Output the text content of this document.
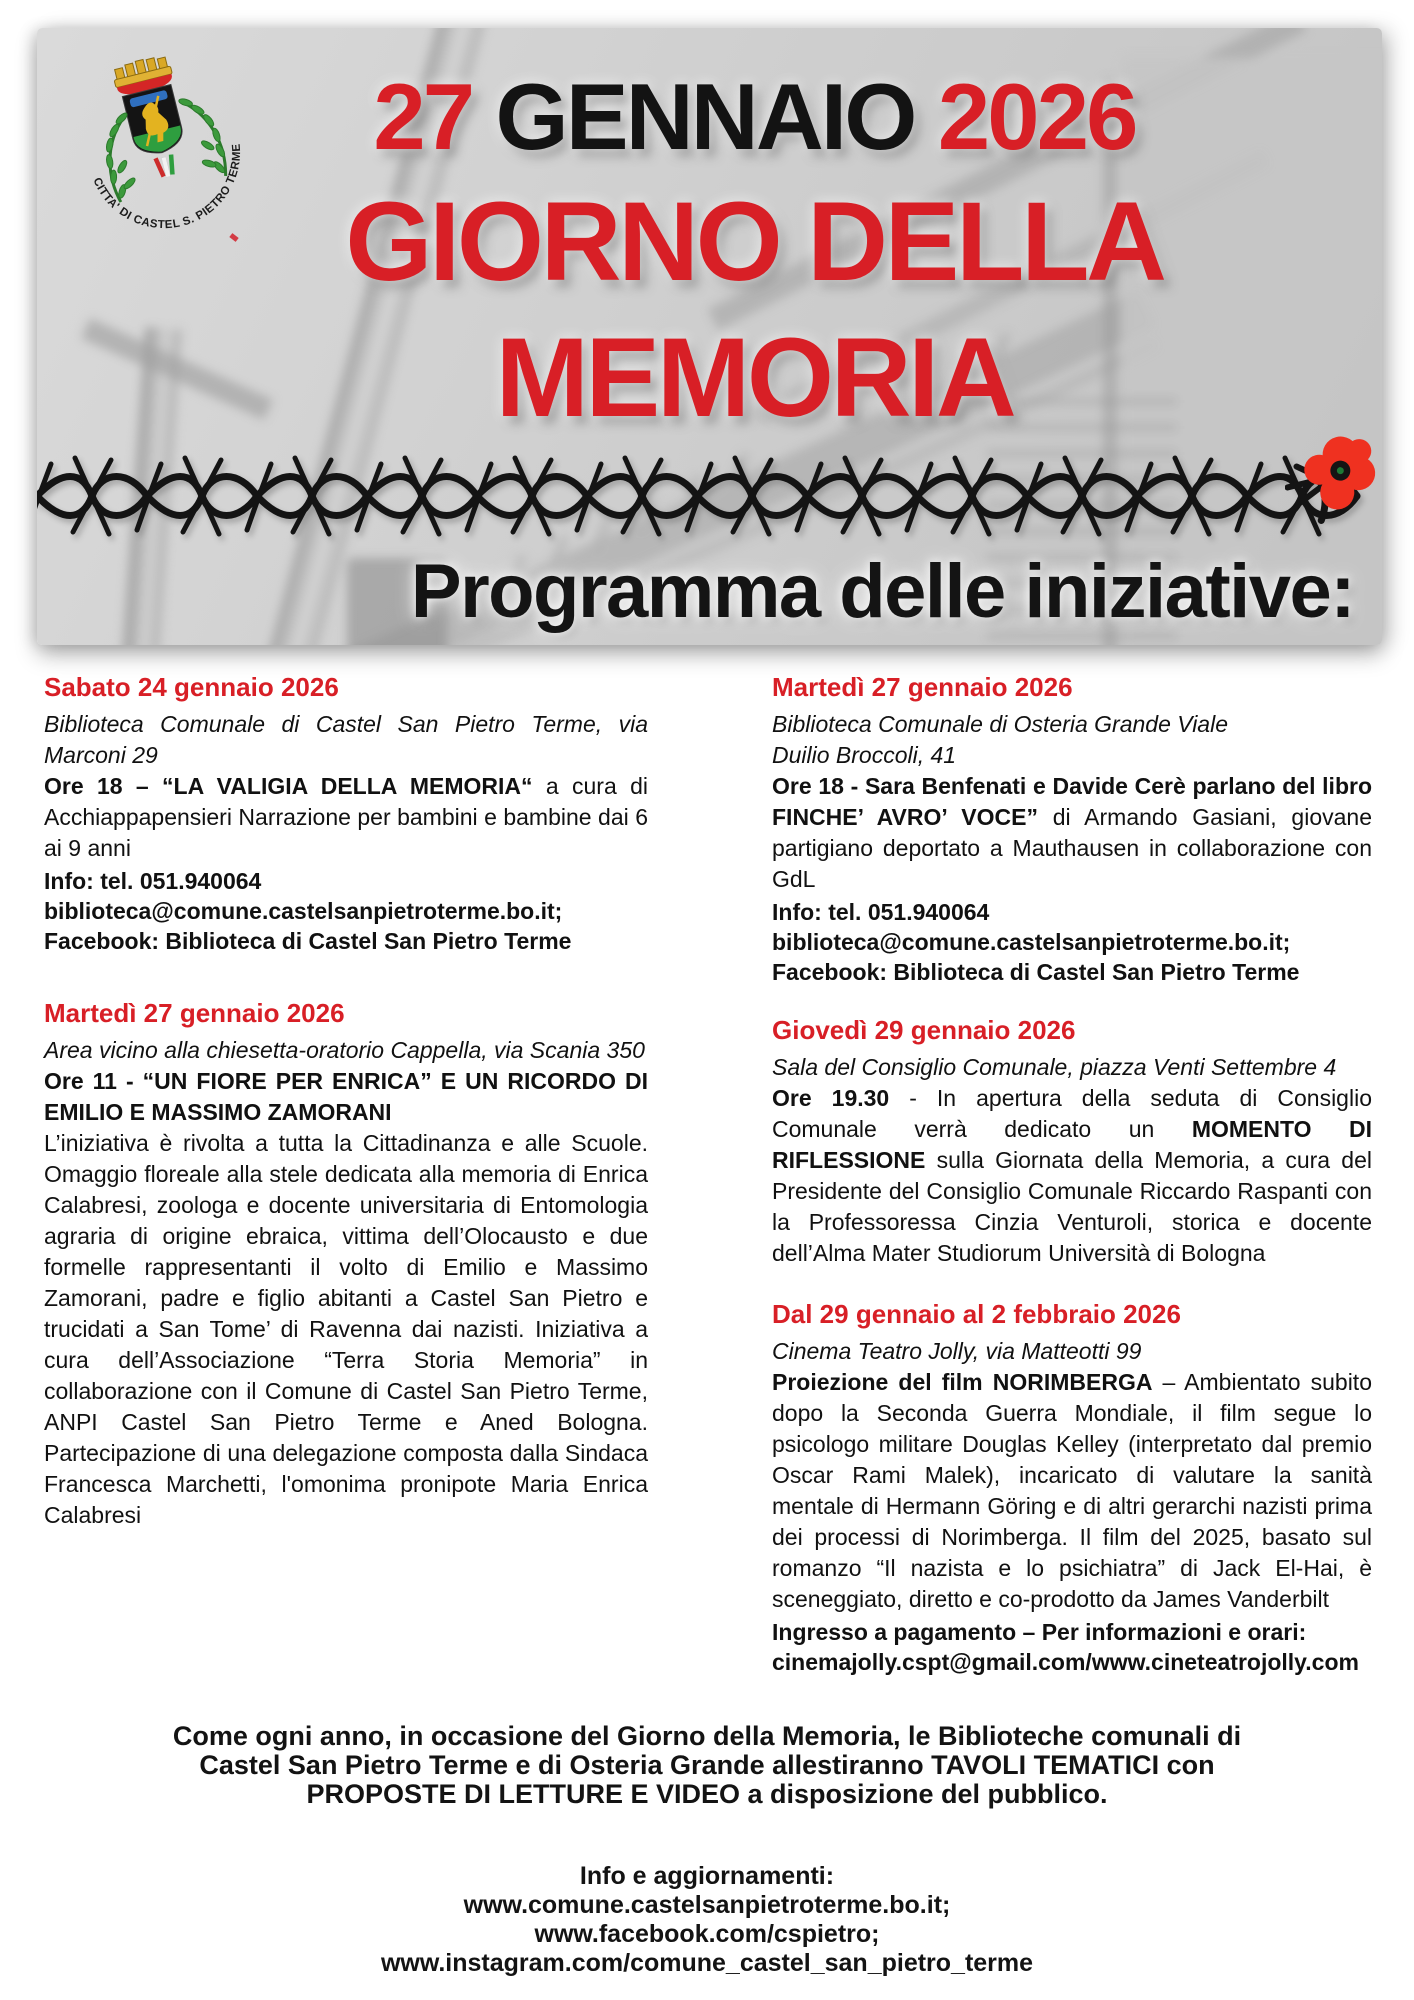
CITTA' DI CASTEL S. PIETRO TERME	27 GENNAIO 2026
GIORNO DELLA
MEMORIA
Programma delle iniziative:
Sabato 24 gennaio 2026

Biblioteca Comunale di Castel San Pietro Terme, via Marconi 29

Ore 18 – “LA VALIGIA DELLA MEMORIA“ a cura di Acchiappapensieri Narrazione per bambini e bambine dai 6 ai 9 anni

Info: tel. 051.940064
biblioteca@comune.castelsanpietroterme.bo.it;
Facebook: Biblioteca di Castel San Pietro Terme
Martedì 27 gennaio 2026

Area vicino alla chiesetta-oratorio Cappella, via Scania 350

Ore 11 - “UN FIORE PER ENRICA” E UN RICORDO DI EMILIO E MASSIMO ZAMORANI

L’iniziativa è rivolta a tutta la Cittadinanza e alle Scuole. Omaggio floreale alla stele dedicata alla memoria di Enrica Calabresi, zoologa e docente universitaria di Entomologia agraria di origine ebraica, vittima dell’Olocausto e due formelle rappresentanti il volto di Emilio e Massimo Zamorani, padre e figlio abitanti a Castel San Pietro e trucidati a San Tome’ di Ravenna dai nazisti. Iniziativa a cura dell’Associazione “Terra Storia Memoria” in collaborazione con il Comune di Castel San Pietro Terme, ANPI Castel San Pietro Terme e Aned Bologna. Partecipazione di una delegazione composta dalla Sindaca Francesca Marchetti, l'omonima pronipote Maria Enrica Calabresi

Martedì 27 gennaio 2026

Biblioteca Comunale di Osteria Grande Viale
Duilio Broccoli, 41

Ore 18 - Sara Benfenati e Davide Cerè parlano del libro FINCHE’ AVRO’ VOCE” di Armando Gasiani, giovane partigiano deportato a Mauthausen in collaborazione con GdL

Info: tel. 051.940064
biblioteca@comune.castelsanpietroterme.bo.it;
Facebook: Biblioteca di Castel San Pietro Terme
Giovedì 29 gennaio 2026

Sala del Consiglio Comunale, piazza Venti Settembre 4

Ore 19.30 - In apertura della seduta di Consiglio Comunale verrà dedicato un MOMENTO DI RIFLESSIONE sulla Giornata della Memoria, a cura del Presidente del Consiglio Comunale Riccardo Raspanti con la Professoressa Cinzia Venturoli, storica e docente dell’Alma Mater Studiorum Università di Bologna

Dal 29 gennaio al 2 febbraio 2026

Cinema Teatro Jolly, via Matteotti 99

Proiezione del film NORIMBERGA – Ambientato subito dopo la Seconda Guerra Mondiale, il film segue lo psicologo militare Douglas Kelley (interpretato dal premio Oscar Rami Malek), incaricato di valutare la sanità mentale di Hermann Göring e di altri gerarchi nazisti prima dei processi di Norimberga. Il film del 2025, basato sul romanzo “Il nazista e lo psichiatra” di Jack El-Hai, è sceneggiato, diretto e co-prodotto da James Vanderbilt

Ingresso a pagamento – Per informazioni e orari:
cinemajolly.cspt@gmail.com/www.cineteatrojolly.com
Come ogni anno, in occasione del Giorno della Memoria, le Biblioteche comunali di
Castel San Pietro Terme e di Osteria Grande allestiranno TAVOLI TEMATICI con
PROPOSTE DI LETTURE E VIDEO a disposizione del pubblico.
Info e aggiornamenti:
www.comune.castelsanpietroterme.bo.it;
www.facebook.com/cspietro;
www.instagram.com/comune_castel_san_pietro_terme
